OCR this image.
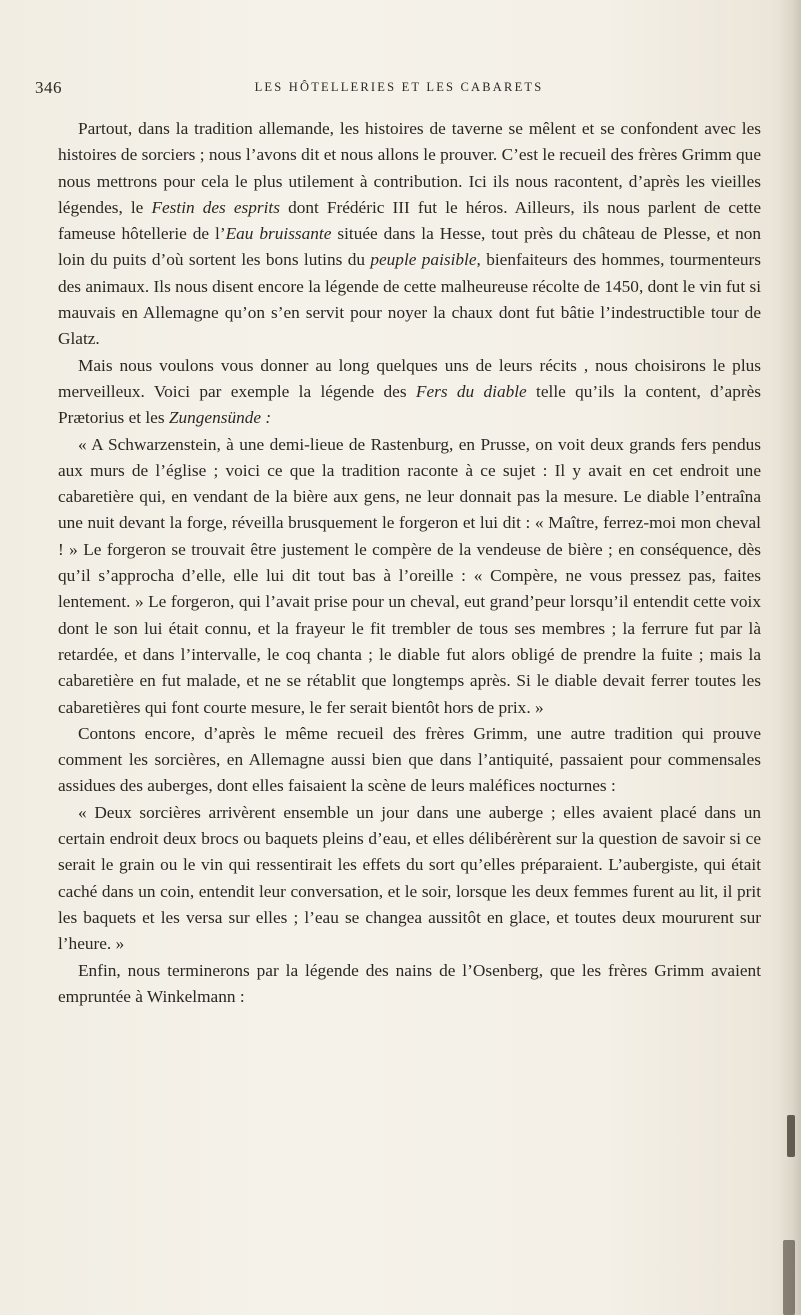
346	LES HÔTELLERIES ET LES CABARETS

Partout, dans la tradition allemande, les histoires de taverne se mêlent et se confondent avec les histoires de sorciers ; nous l’avons dit et nous allons le prouver. C’est le recueil des frères Grimm que nous mettrons pour cela le plus utilement à contribution. Ici ils nous racontent, d’après les vieilles légendes, le Festin des esprits dont Frédéric III fut le héros. Ailleurs, ils nous parlent de cette fameuse hôtellerie de l’Eau bruissante située dans la Hesse, tout près du château de Plesse, et non loin du puits d’où sortent les bons lutins du peuple paisible, bienfaiteurs des hommes, tourmenteurs des animaux. Ils nous disent encore la légende de cette malheureuse récolte de 1450, dont le vin fut si mauvais en Allemagne qu’on s’en servit pour noyer la chaux dont fut bâtie l’indestructible tour de Glatz.

Mais nous voulons vous donner au long quelques uns de leurs récits , nous choisirons le plus merveilleux. Voici par exemple la légende des Fers du diable telle qu’ils la content, d’après Prætorius et les Zungensünde :

« A Schwarzenstein, à une demi-lieue de Rastenburg, en Prusse, on voit deux grands fers pendus aux murs de l’église ; voici ce que la tradition raconte à ce sujet : Il y avait en cet endroit une cabaretière qui, en vendant de la bière aux gens, ne leur donnait pas la mesure. Le diable l’entraîna une nuit devant la forge, réveilla brusquement le forgeron et lui dit : « Maître, ferrez-moi mon cheval ! » Le forgeron se trouvait être justement le compère de la vendeuse de bière ; en conséquence, dès qu’il s’approcha d’elle, elle lui dit tout bas à l’oreille : « Compère, ne vous pressez pas, faites lentement. » Le forgeron, qui l’avait prise pour un cheval, eut grand’peur lorsqu’il entendit cette voix dont le son lui était connu, et la frayeur le fit trembler de tous ses membres ; la ferrure fut par là retardée, et dans l’intervalle, le coq chanta ; le diable fut alors obligé de prendre la fuite ; mais la cabaretière en fut malade, et ne se rétablit que longtemps après. Si le diable devait ferrer toutes les cabaretières qui font courte mesure, le fer serait bientôt hors de prix. »

Contons encore, d’après le même recueil des frères Grimm, une autre tradition qui prouve comment les sorcières, en Allemagne aussi bien que dans l’antiquité, passaient pour commensales assidues des auberges, dont elles faisaient la scène de leurs maléfices nocturnes :

« Deux sorcières arrivèrent ensemble un jour dans une auberge ; elles avaient placé dans un certain endroit deux brocs ou baquets pleins d’eau, et elles délibérèrent sur la question de savoir si ce serait le grain ou le vin qui ressentirait les effets du sort qu’elles préparaient. L’aubergiste, qui était caché dans un coin, entendit leur conversation, et le soir, lorsque les deux femmes furent au lit, il prit les baquets et les versa sur elles ; l’eau se changea aussitôt en glace, et toutes deux moururent sur l’heure. »

Enfin, nous terminerons par la légende des nains de l’Osenberg, que les frères Grimm avaient empruntée à Winkelmann :
